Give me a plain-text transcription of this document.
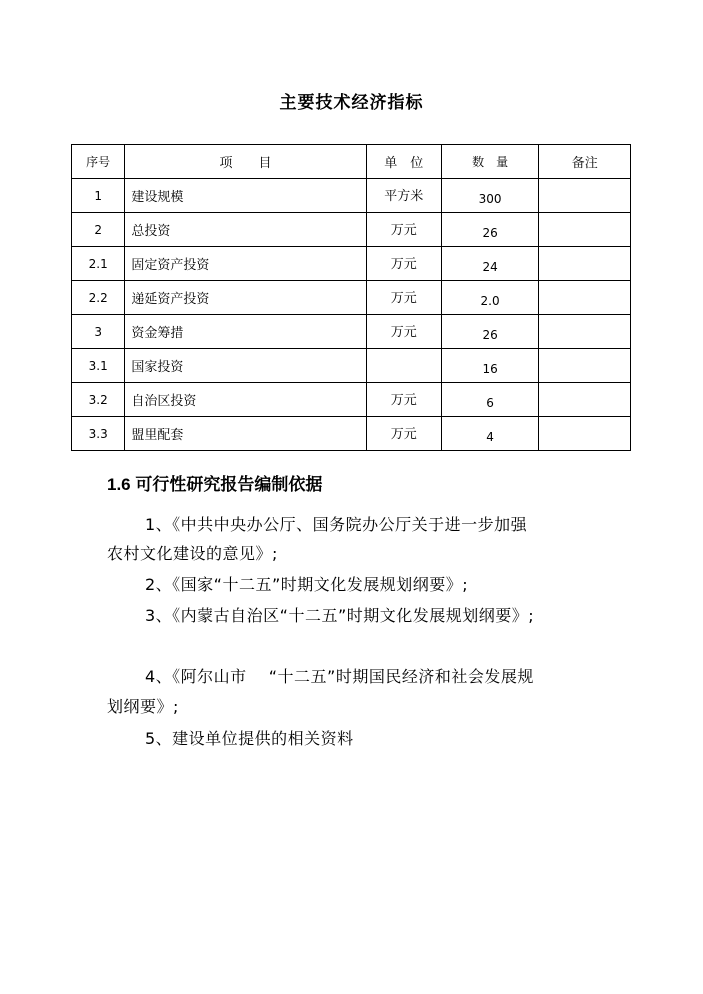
主要技术经济指标
序号	项　　目	单　位	数　量	备注
1	建设规模	平方米	300	
2	总投资	万元	26	
2.1	固定资产投资	万元	24	
2.2	递延资产投资	万元	2.0	
3	资金筹措	万元	26	
3.1	国家投资		16	
3.2	自治区投资	万元	6	
3.3	盟里配套	万元	4	
1.6 可行性研究报告编制依据
1、《中共中央办公厅、国务院办公厅关于进一步加强
农村文化建设的意见》;
2、《国家“十二五”时期文化发展规划纲要》;
3、《内蒙古自治区“十二五”时期文化发展规划纲要》;
4、《阿尔山市　 “十二五”时期国民经济和社会发展规
划纲要》;
5、建设单位提供的相关资料
